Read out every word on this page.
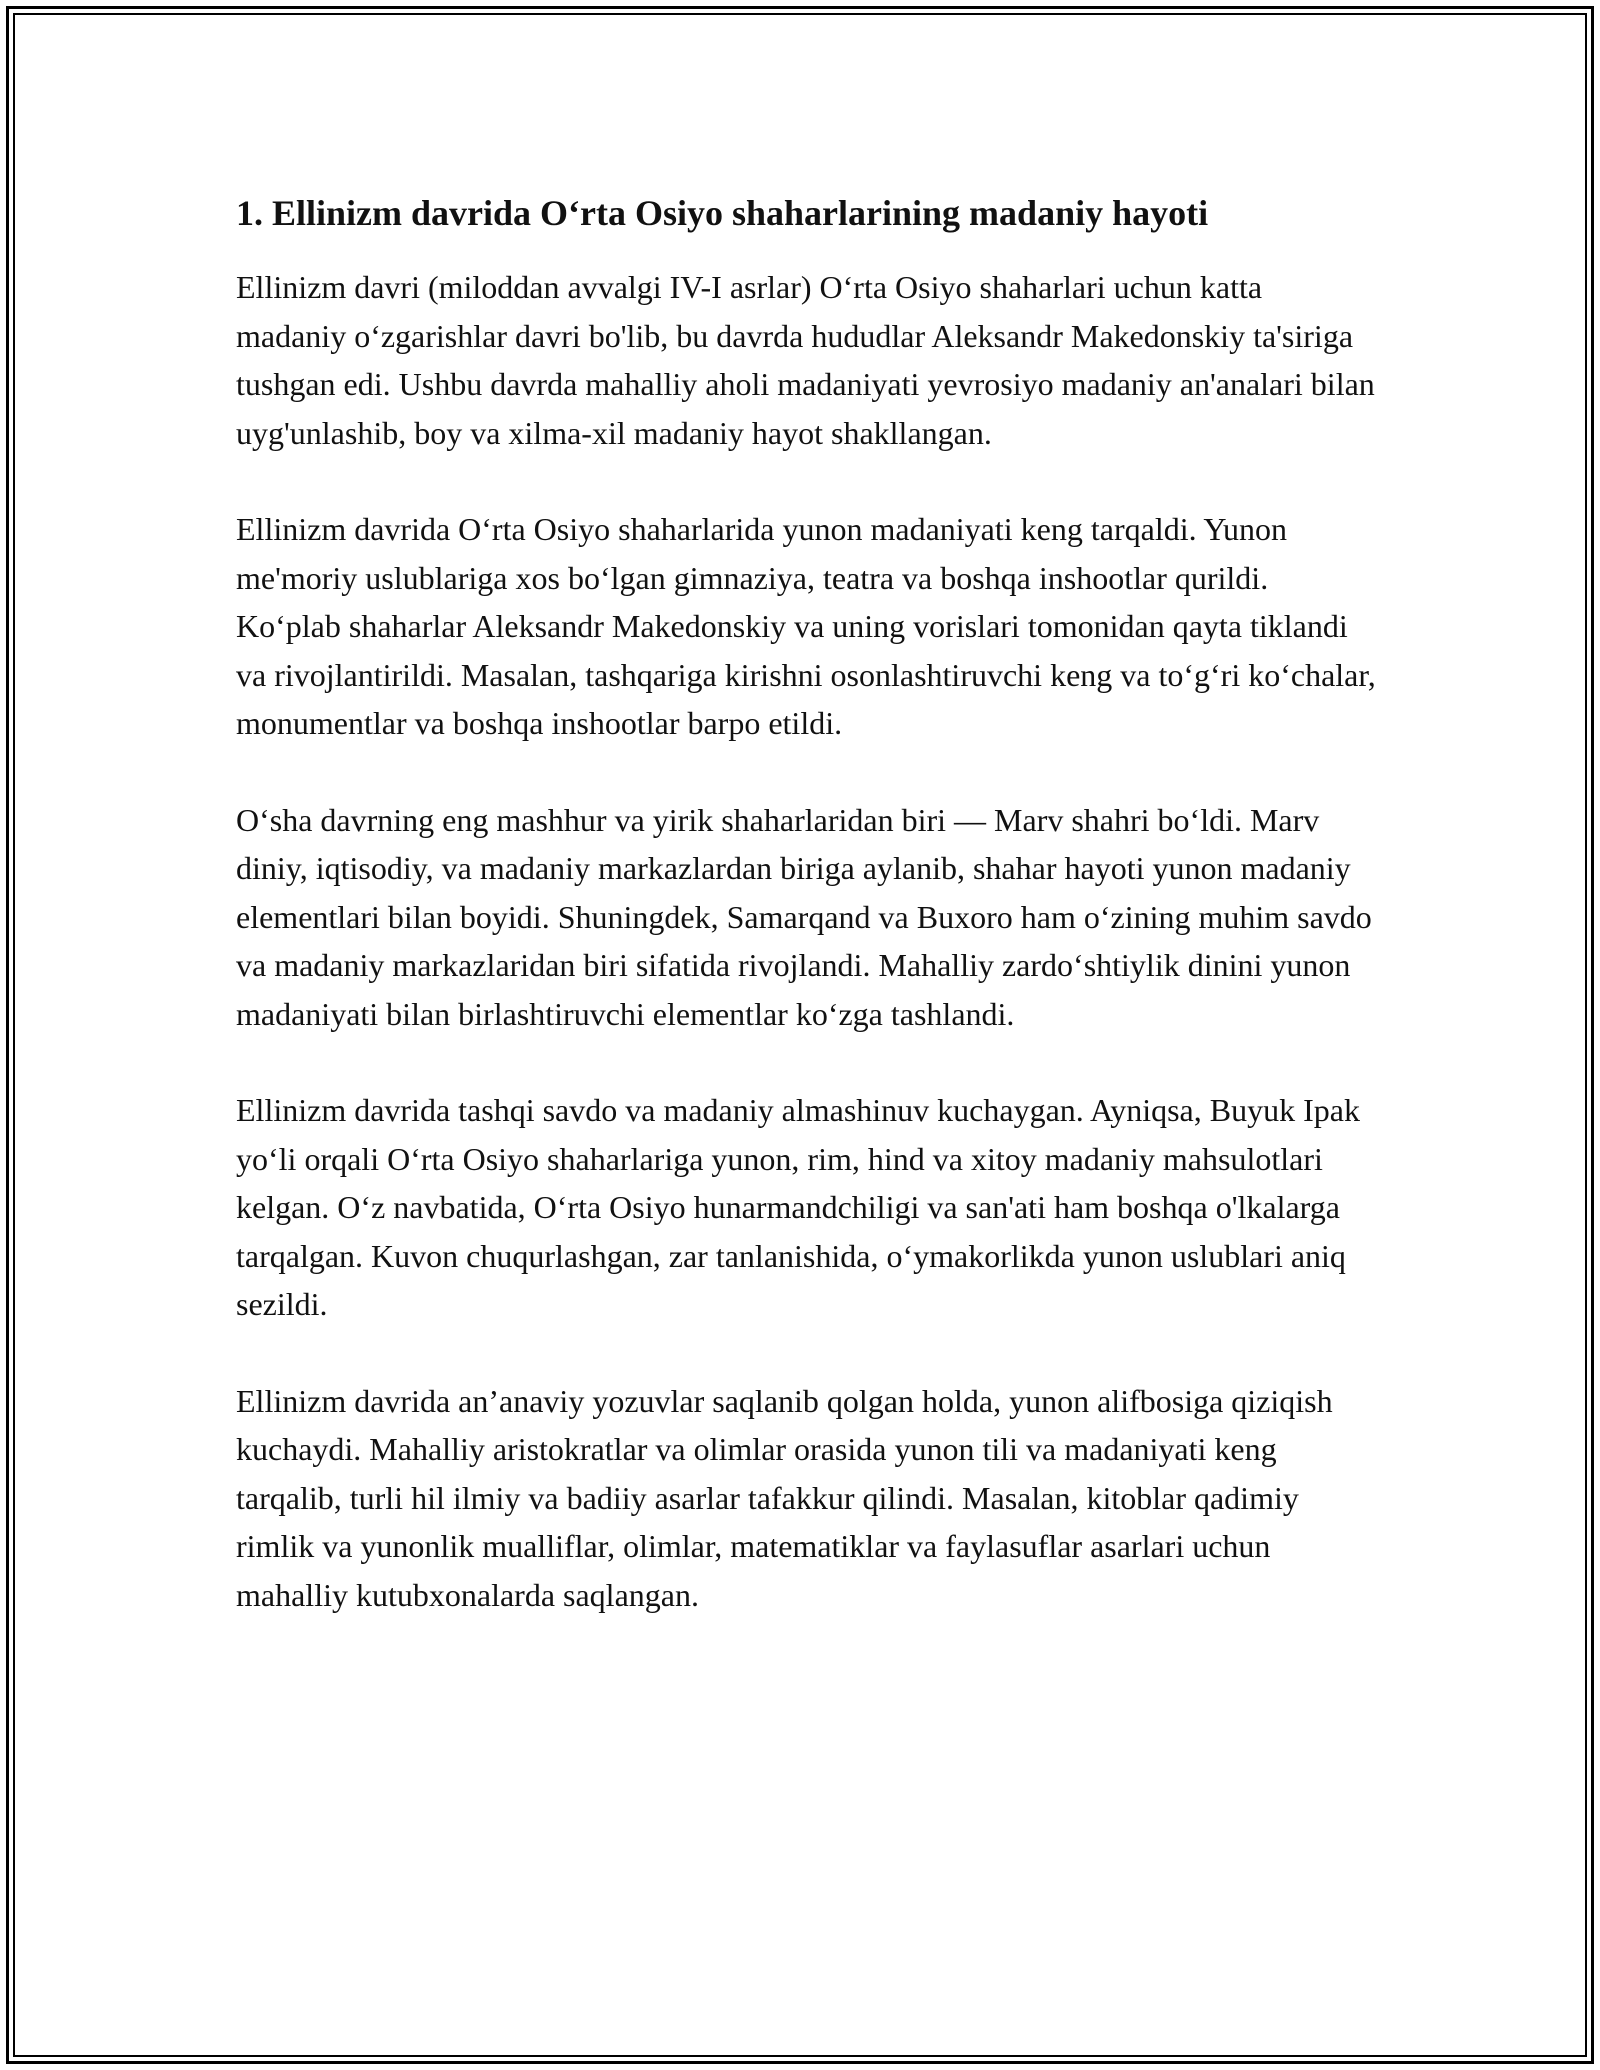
1. Ellinizm davrida O‘rta Osiyo shaharlarining madaniy hayoti

Ellinizm davri (miloddan avvalgi IV-I asrlar) O‘rta Osiyo shaharlari uchun katta madaniy o‘zgarishlar davri bo'lib, bu davrda hududlar Aleksandr Makedonskiy ta'siriga tushgan edi. Ushbu davrda mahalliy aholi madaniyati yevrosiyo madaniy an'analari bilan uyg'unlashib, boy va xilma-xil madaniy hayot shakllangan.

Ellinizm davrida O‘rta Osiyo shaharlarida yunon madaniyati keng tarqaldi. Yunon me'moriy uslublariga xos bo‘lgan gimnaziya, teatra va boshqa inshootlar qurildi. Ko‘plab shaharlar Aleksandr Makedonskiy va uning vorislari tomonidan qayta tiklandi va rivojlantirildi. Masalan, tashqariga kirishni osonlashtiruvchi keng va to‘g‘ri ko‘chalar, monumentlar va boshqa inshootlar barpo etildi.

O‘sha davrning eng mashhur va yirik shaharlaridan biri — Marv shahri bo‘ldi. Marv diniy, iqtisodiy, va madaniy markazlardan biriga aylanib, shahar hayoti yunon madaniy elementlari bilan boyidi. Shuningdek, Samarqand va Buxoro ham o‘zining muhim savdo va madaniy markazlaridan biri sifatida rivojlandi. Mahalliy zardo‘shtiylik dinini yunon madaniyati bilan birlashtiruvchi elementlar ko‘zga tashlandi.

Ellinizm davrida tashqi savdo va madaniy almashinuv kuchaygan. Ayniqsa, Buyuk Ipak yo‘li orqali O‘rta Osiyo shaharlariga yunon, rim, hind va xitoy madaniy mahsulotlari kelgan. O‘z navbatida, O‘rta Osiyo hunarmandchiligi va san'ati ham boshqa o'lkalarga tarqalgan. Kuvon chuqurlashgan, zar tanlanishida, o‘ymakorlikda yunon uslublari aniq sezildi.

Ellinizm davrida an’anaviy yozuvlar saqlanib qolgan holda, yunon alifbosiga qiziqish kuchaydi. Mahalliy aristokratlar va olimlar orasida yunon tili va madaniyati keng tarqalib, turli hil ilmiy va badiiy asarlar tafakkur qilindi. Masalan, kitoblar qadimiy rimlik va yunonlik mualliflar, olimlar, matematiklar va faylasuflar asarlari uchun mahalliy kutubxonalarda saqlangan.
